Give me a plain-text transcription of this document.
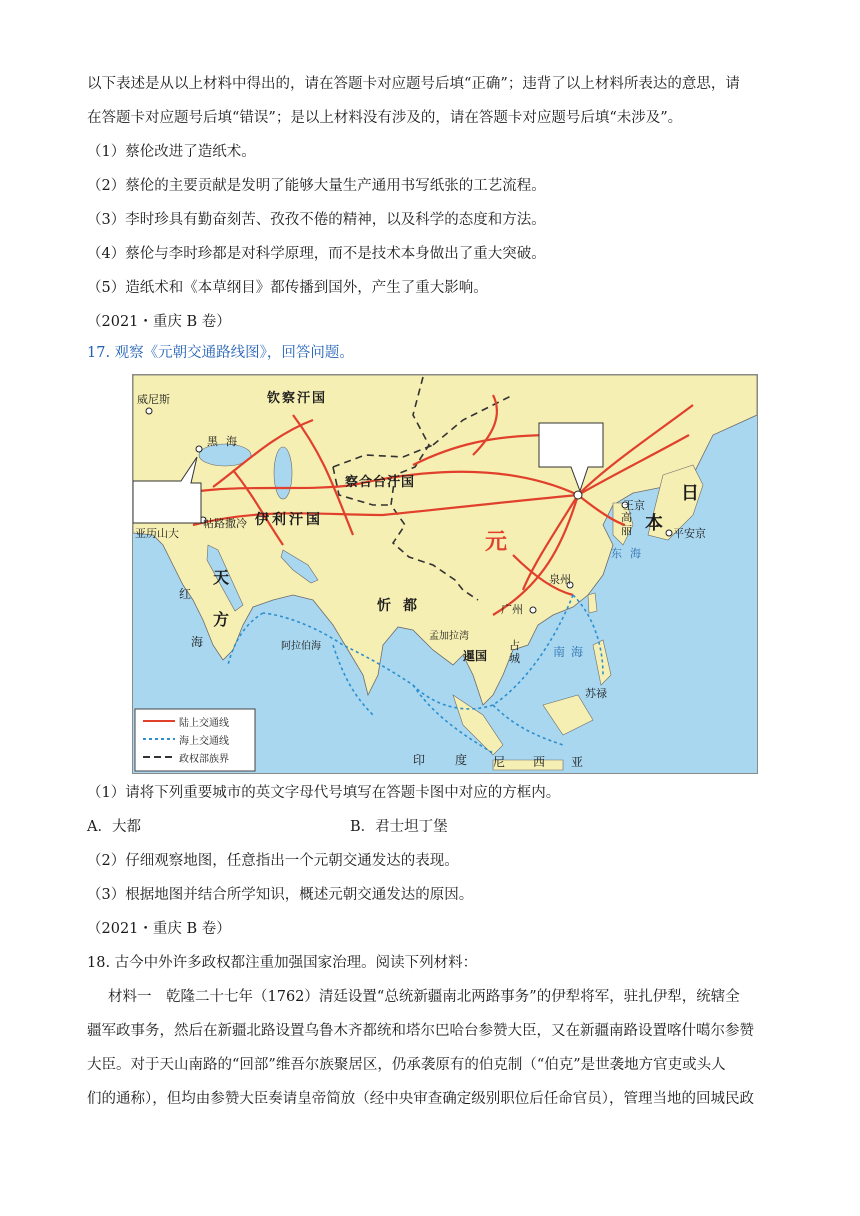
以下表述是从以上材料中得出的，请在答题卡对应题号后填“正确”；违背了以上材料所表达的意思，请
在答题卡对应题号后填“错误”；是以上材料没有涉及的，请在答题卡对应题号后填“未涉及”。
（1）蔡伦改进了造纸术。
（2）蔡伦的主要贡献是发明了能够大量生产通用书写纸张的工艺流程。
（3）李时珍具有勤奋刻苦、孜孜不倦的精神，以及科学的态度和方法。
（4）蔡伦与李时珍都是对科学原理，而不是技术本身做出了重大突破。
（5）造纸术和《本草纲目》都传播到国外，产生了重大影响。
（2021・重庆 B 卷）
17. 观察《元朝交通路线图》，回答问题。
威尼斯	钦察汗国
黑海
察合台汗国
伊利汗国
帖路撒冷
亚历山大	元
天方
红
海
忻都
阿拉伯海
孟加拉湾
暹国
占城
广州
泉州
王京
高丽
日
本 平安京
东海
南海
苏禄
印 度 尼 西 亚
陆上交通线
海上交通线
政权部族界
（1）请将下列重要城市的英文字母代号填写在答题卡图中对应的方框内。
A．大都	B．君士坦丁堡
（2）仔细观察地图，任意指出一个元朝交通发达的表现。
（3）根据地图并结合所学知识，概述元朝交通发达的原因。
（2021・重庆 B 卷）
18. 古今中外许多政权都注重加强国家治理。阅读下列材料：
材料一　乾隆二十七年（1762）清廷设置“总统新疆南北两路事务”的伊犁将军，驻扎伊犁，统辖全
疆军政事务，然后在新疆北路设置乌鲁木齐都统和塔尔巴哈台参赞大臣，又在新疆南路设置喀什噶尔参赞
大臣。对于天山南路的“回部”维吾尔族聚居区，仍承袭原有的伯克制（“伯克”是世袭地方官吏或头人
们的通称），但均由参赞大臣奏请皇帝简放（经中央审查确定级别职位后任命官员），管理当地的回城民政
